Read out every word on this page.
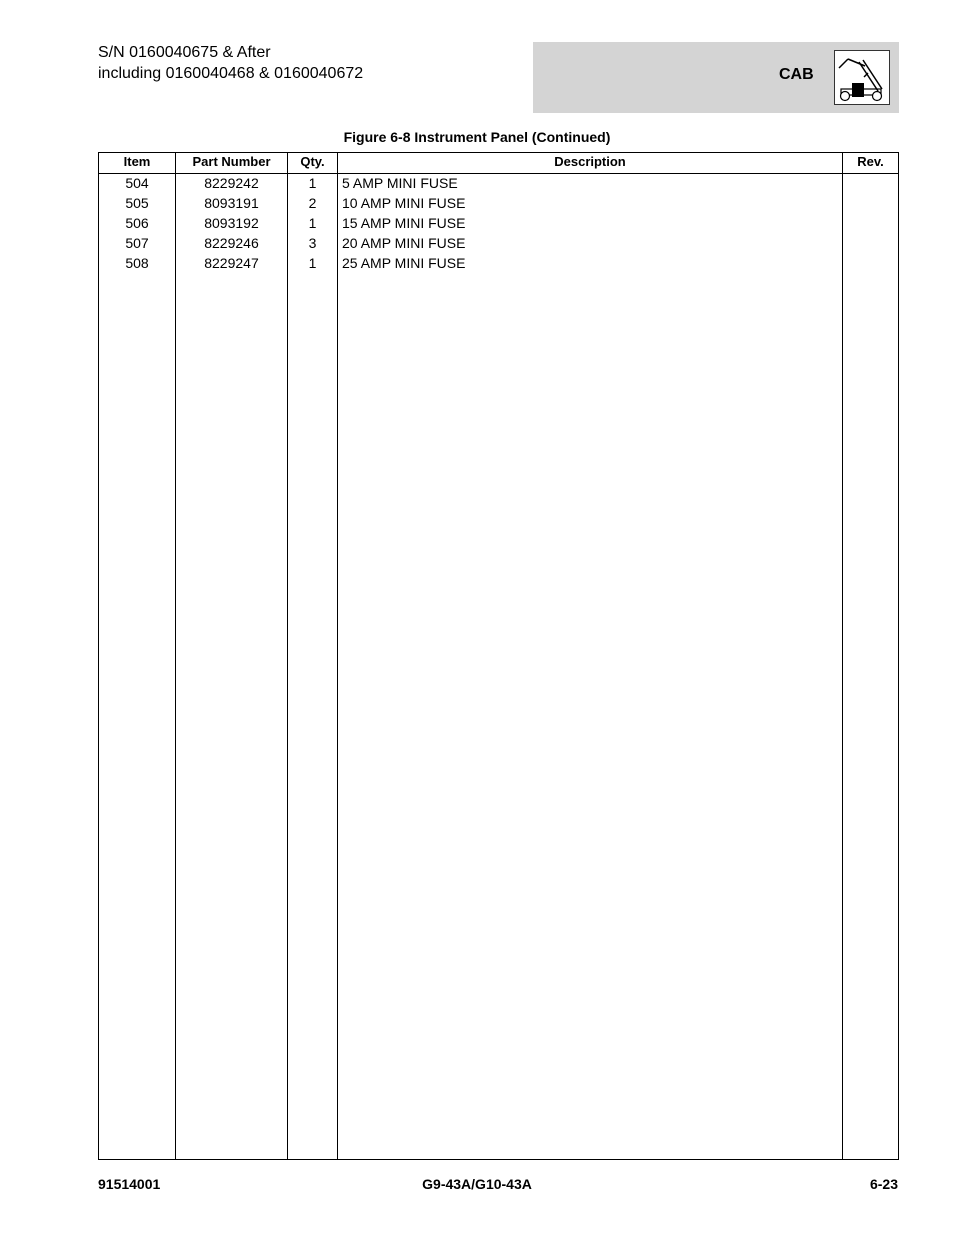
S/N 0160040675 & After
including 0160040468 & 0160040672	CAB
Figure 6-8 Instrument Panel (Continued)
Item	Part Number	Qty.	Description	Rev.
504	8229242	1	5 AMP MINI FUSE
505	8093191	2	10 AMP MINI FUSE
506	8093192	1	15 AMP MINI FUSE
507	8229246	3	20 AMP MINI FUSE
508	8229247	1	25 AMP MINI FUSE
91514001	G9-43A/G10-43A	6-23
